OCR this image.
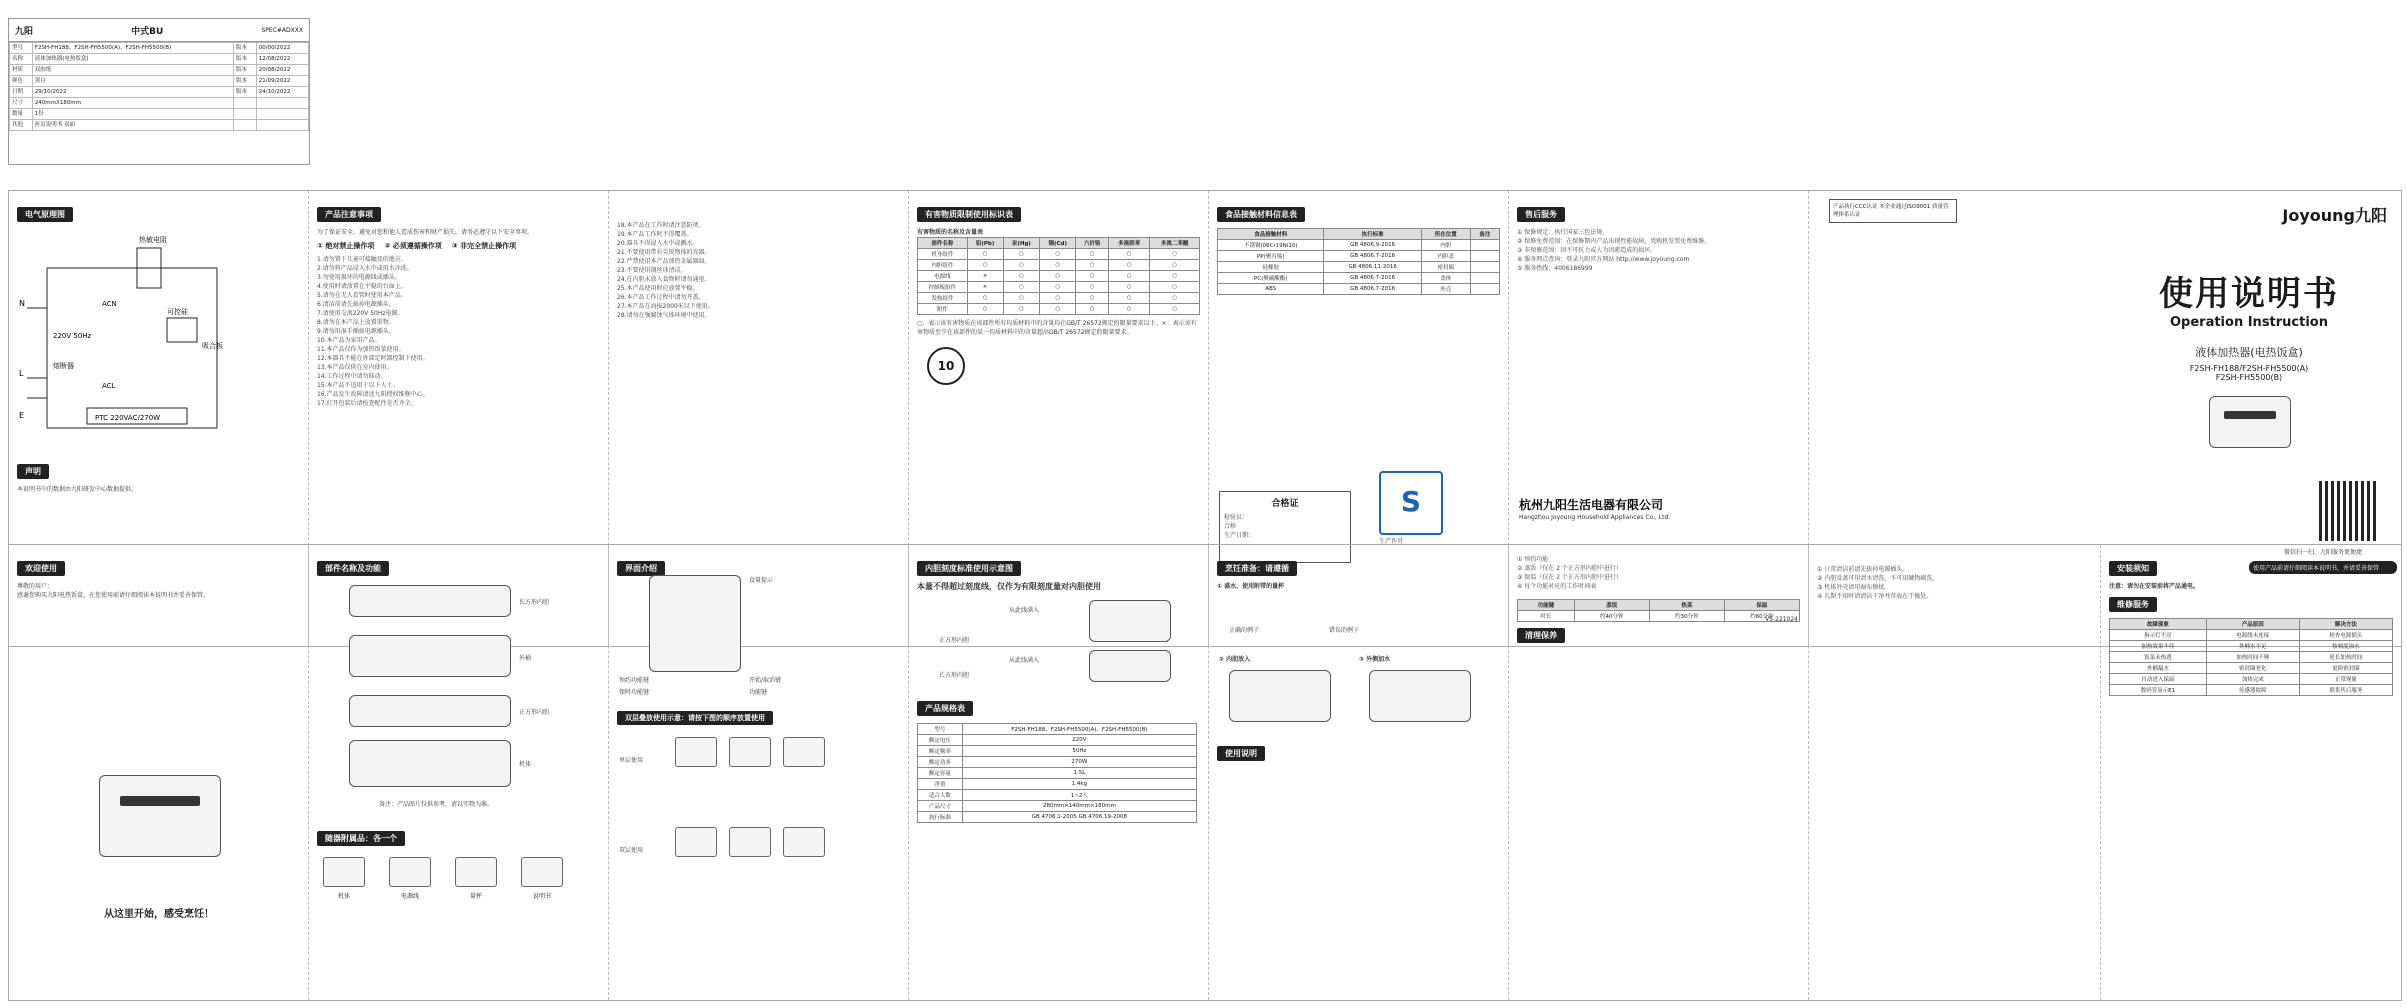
九阳	中式BU	SPEC#ADXXX
型号	F2SH-FH188、F2SH-FH5500(A)、F2SH-FH5500(B)	版本	00/00/2022
名称	液体加热器(电热饭盒)	版本	12/08/2022
材质	双胶纸	版本	20/08/2022
颜色	黑白	版本	21/09/2022
日期	29/10/2022	版本	24/10/2022
尺寸	240mmX180mm		
数量	1份		
其他	折页说明书 双面		
电气原理图
热敏电阻
ACN
可控硅
吸合板
220V 50Hz
熔断器
ACL
PTC 220VAC/270W
N
L
E
声明

本说明书中的数据由九阳研发中心数据提供。

产品注意事项

为了保证安全，避免对您和他人造成伤害和财产损失，请务必遵守以下安全事项。

① 绝对禁止操作项 ② 必须遵循操作项 ③ 非完全禁止操作项
1.请勿置于儿童可接触及的地方。
2.请勿将产品浸入水中或用水冲洗。
3.勿使用损坏的电源线或插头。
4.使用时请放置在平稳的台面上。
5.请勿在无人看管时使用本产品。
6.清洁前请先拔掉电源插头。
7.请使用交流220V 50Hz电源。
8.请勿在本产品上放置重物。
9.请勿用湿手插拔电源插头。
10.本产品为家用产品。
11.本产品仅作为加热饭菜使用。
12.本器具不能在外部定时器控制下使用。
13.本产品仅供在室内使用。
14.工作过程中请勿移动。
15.本产品不适用于以下人士。
16.产品发生故障请送九阳授权维修中心。
17.打开包装后请检查配件是否齐全。
18.本产品在工作时请注意防烫。
19.本产品工作时不得覆盖。
20.器具不得浸入水中或溅水。
21.不要使用带有尖锐物体的容器。
22.严禁使用本产品加热金属器皿。
23.不要使用钢丝球清洁。
24.在内胆未放入食物时请勿通电。
25.本产品使用时应放置平稳。
26.本产品工作过程中请勿开盖。
27.本产品在海拔2000米以下使用。
28.请勿在强腐蚀气体环境中使用。
有害物质限制使用标识表
有害物质的名称及含量表
部件名称	铅(Pb)	汞(Hg)	镉(Cd)	六价铬	多溴联苯	多溴二苯醚
机身组件	○	○	○	○	○	○
内胆组件	○	○	○	○	○	○
电源线	×	○	○	○	○	○
控制板组件	×	○	○	○	○	○
发热组件	○	○	○	○	○	○
附件	○	○	○	○	○	○

○：表示该有害物质在该部件所有均质材料中的含量均在GB/T 26572规定的限量要求以下。×：表示该有害物质至少在该部件的某一均质材料中的含量超出GB/T 26572规定的限量要求。

10
食品接触材料信息表
食品接触材料	执行标准	所在位置	备注
不锈钢(06Cr19Ni10)	GB 4806.9-2016	内胆	
PP(聚丙烯)	GB 4806.7-2016	内胆盖	
硅橡胶	GB 4806.11-2016	密封圈	
PC(聚碳酸酯)	GB 4806.7-2016	盖体	
ABS	GB 4806.7-2016	外壳	
合格证
检验员：
合格
生产日期：
S
生产许可
售后服务
① 保修规定：执行国家三包法规。
② 保修免费范围：在保修期内产品出现性能故障，凭购机发票免费维修。
③ 非保修范围：因不可抗力或人为因素造成的损坏。
④ 服务网点查询：登录九阳官方网站 http://www.joyoung.com
⑤ 服务热线：4006186999
杭州九阳生活电器有限公司
Hangzhou Joyoung Household Appliances Co., Ltd.
V5-221024
产品执行CCC认证 本企业通过ISO9001 质量管理体系认证	Joyoung九阳
使用说明书
Operation Instruction
液体加热器(电热饭盒)
F2SH-FH188/F2SH-FH5500(A)
F2SH-FH5500(B)
微信扫一扫，九阳服务更便捷
使用产品前请仔细阅读本说明书，并请妥善保管
欢迎使用

尊敬的用户：

感谢您购买九阳电热饭盒。在您使用前请仔细阅读本说明书并妥善保管。

从这里开始，感受烹饪！
部件名称及功能
长方形内胆
外桶
正方形内胆
机体

备注：产品图片仅供参考，请以实物为准。

随器附属品：各一个
机体	电源线	量杯	说明书
界面介绍
食量提示
预约功能键
保时功能键
开始/取消键
功能键
双层叠放使用示意：请按下图的顺序放置使用
单层使用
双层使用
内胆刻度标准使用示意图
本量不得超过刻度线，仅作为有限刻度量对内胆使用
从此线满入
正方形内胆
长方形内胆
从此线满入
产品规格表
型号	F2SH-FH188、F2SH-FH5500(A)、F2SH-FH5500(B)
额定电压	220V
额定频率	50Hz
额定功率	270W
额定容量	1.5L
净重	1.4kg
适合人数	1~2人
产品尺寸	280mm×140mm×180mm
执行标准	GB 4706.1-2005 GB 4706.19-2008
烹饪准备：请遵循
① 盛水，使用附带的量杯
正确的例子	错误的例子
② 内胆放入	③ 外侧加水
使用说明
① 预约功能
② 蒸饭（仅在 2 个正方形内胆中进行）
③ 保温（仅在 2 个正方形内胆中进行）
④ 每个功能对应的工作时间表
功能键	蒸饭	热菜	保温
时长	约40分钟	约30分钟	约60分钟
清理保养
① 日常清洁前请先拔掉电源插头。
② 内胆及盖可用清水清洗，不可用硬物刷洗。
③ 机体外壳请用湿布擦拭。
④ 长期不用时请清洁干净并存放在干燥处。
安装须知

注意：请勿在安装前将产品通电。

维修服务
故障现象	产品原因	解决方法
指示灯不亮	电源线未连接	检查电源插头
加热效果不佳	外桶水不足	按刻度加水
饭菜未热透	加热时间不够	延长加热时间
外桶漏水	密封圈老化	更换密封圈
自动进入保温	加热完成	正常现象
数码管显示E1	传感器故障	联系售后服务
